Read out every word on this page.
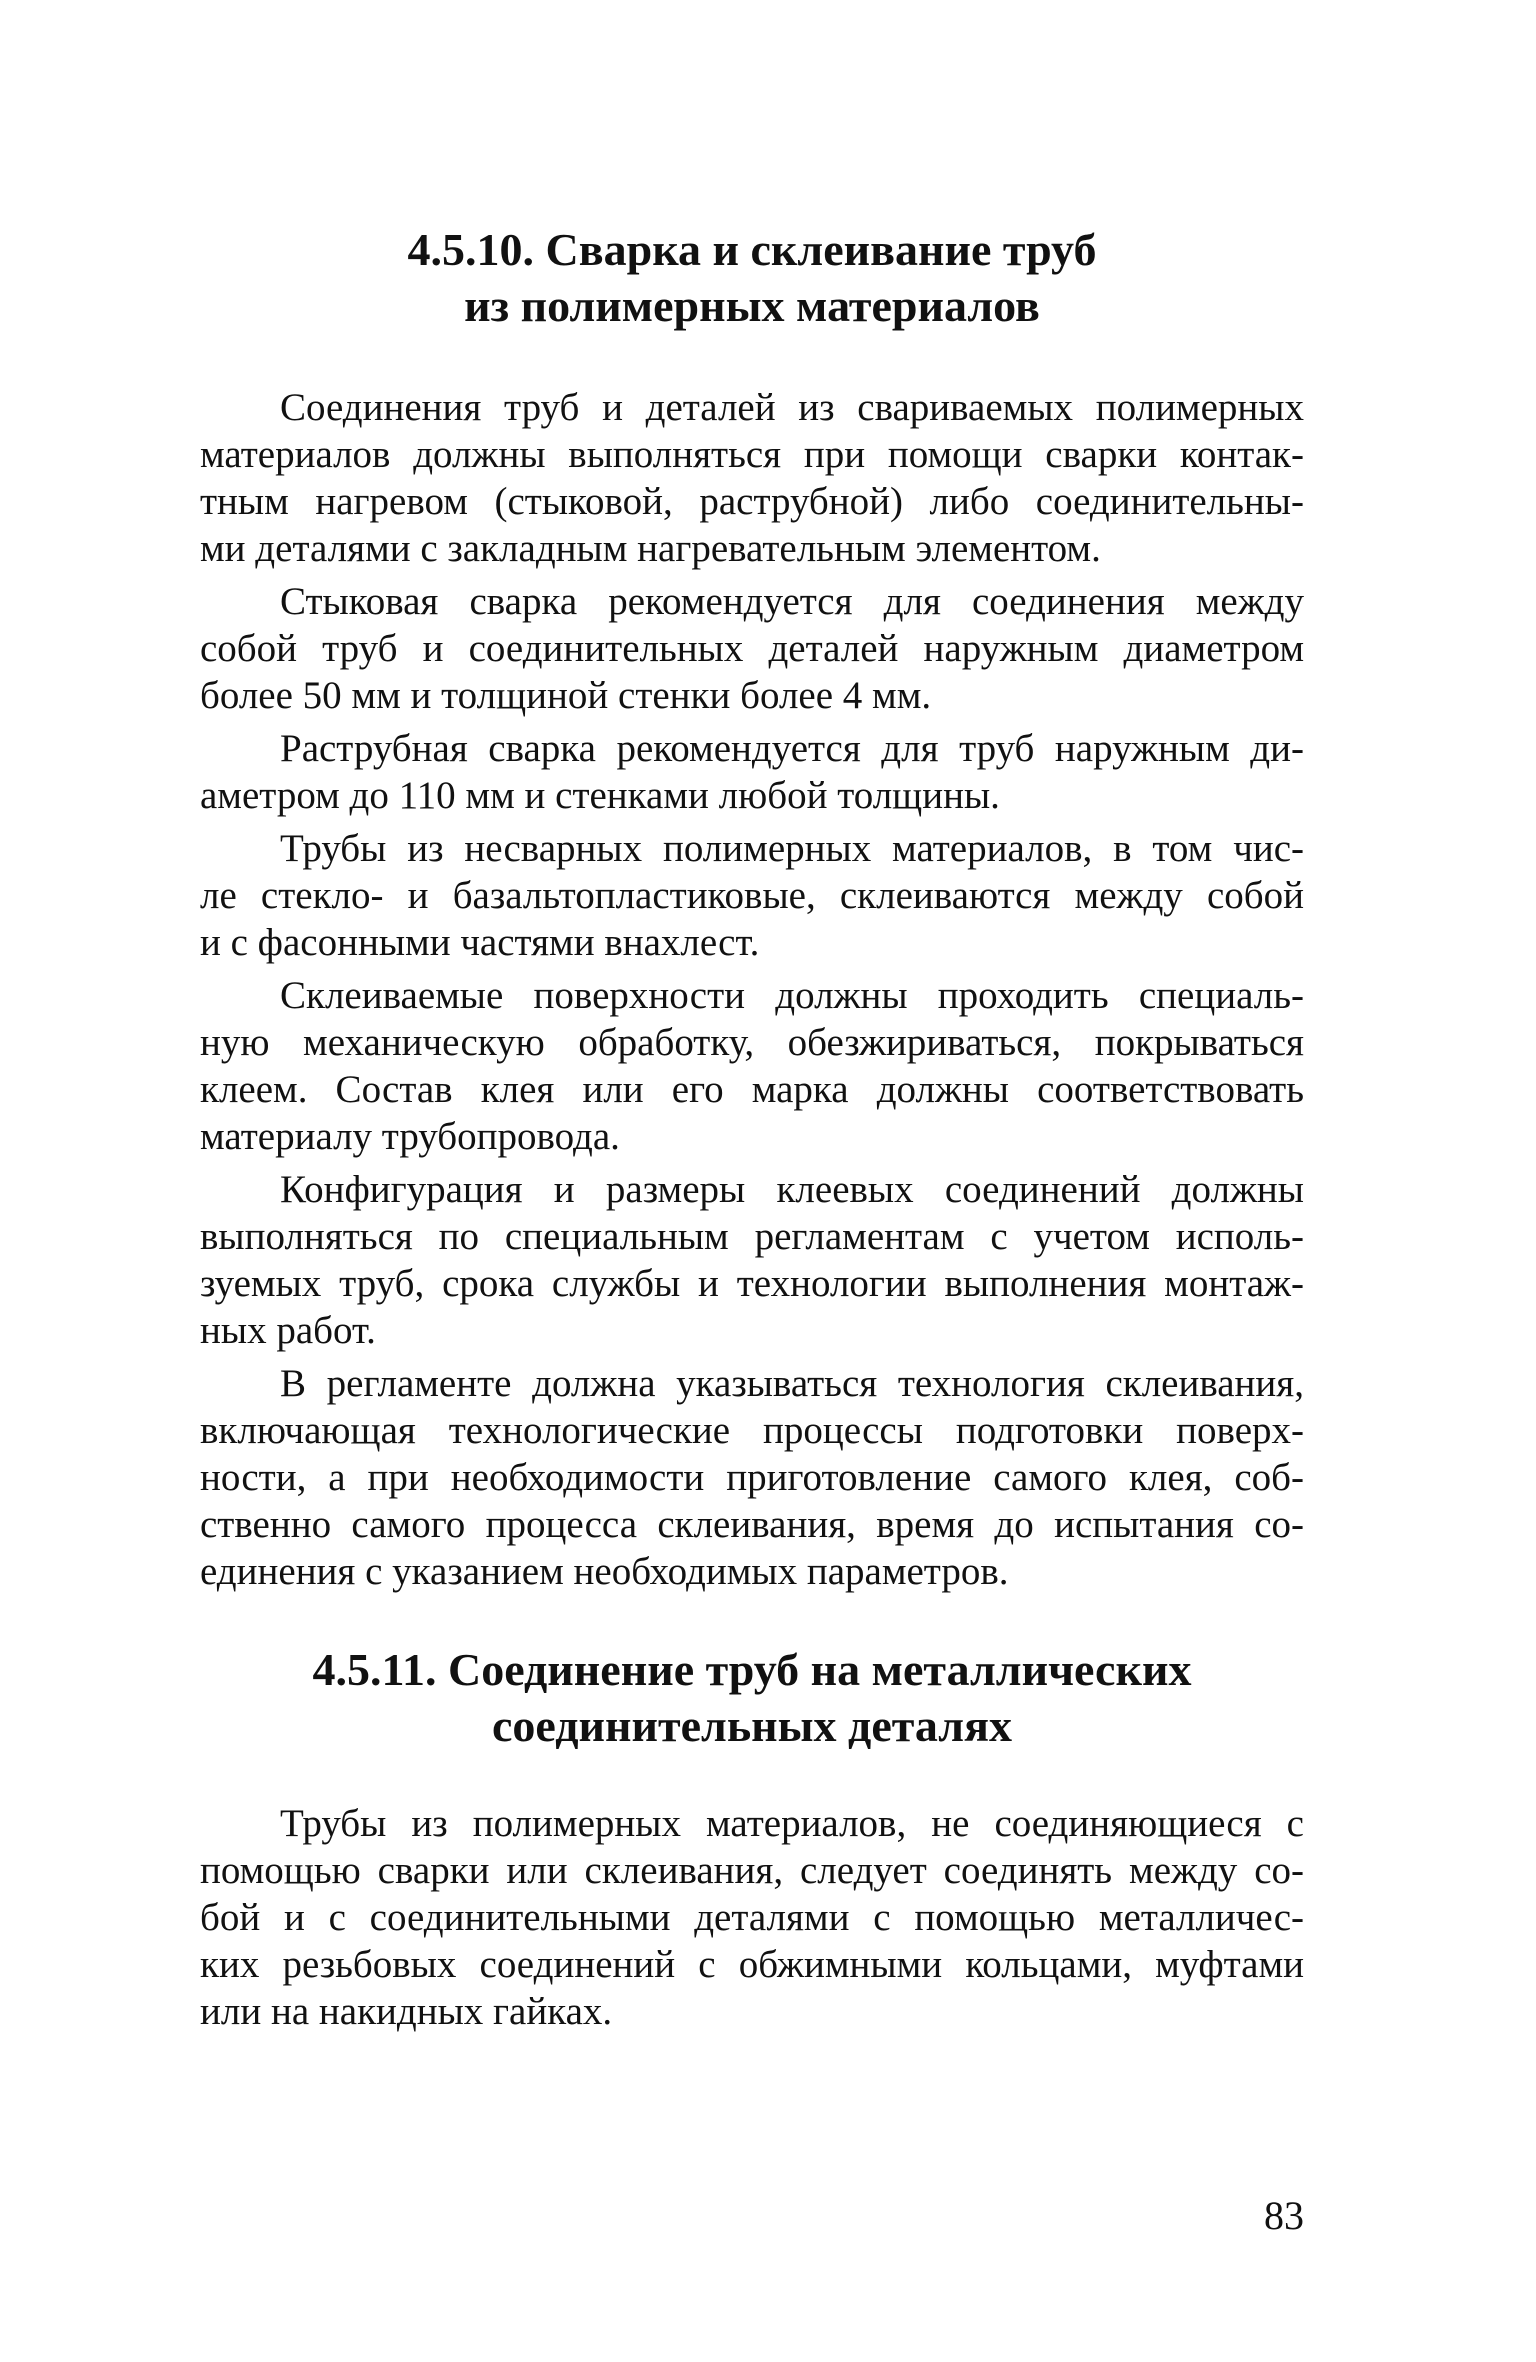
4.5.10. Сварка и склеивание труб
из полимерных материалов

Соединения труб и деталей из свариваемых полимерных
материалов должны выполняться при помощи сварки контак-
тным нагревом (стыковой, раструбной) либо соединительны-
ми деталями с закладным нагревательным элементом.

Стыковая сварка рекомендуется для соединения между
собой труб и соединительных деталей наружным диаметром
более 50 мм и толщиной стенки более 4 мм.

Раструбная сварка рекомендуется для труб наружным ди-
аметром до 110 мм и стенками любой толщины.

Трубы из несварных полимерных материалов, в том чис-
ле стекло- и базальтопластиковые, склеиваются между собой
и с фасонными частями внахлест.

Склеиваемые поверхности должны проходить специаль-
ную механическую обработку, обезжириваться, покрываться
клеем. Состав клея или его марка должны соответствовать
материалу трубопровода.

Конфигурация и размеры клеевых соединений должны
выполняться по специальным регламентам с учетом исполь-
зуемых труб, срока службы и технологии выполнения монтаж-
ных работ.

В регламенте должна указываться технология склеивания,
включающая технологические процессы подготовки поверх-
ности, а при необходимости приготовление самого клея, соб-
ственно самого процесса склеивания, время до испытания со-
единения с указанием необходимых параметров.

4.5.11. Соединение труб на металлических
соединительных деталях

Трубы из полимерных материалов, не соединяющиеся с
помощью сварки или склеивания, следует соединять между со-
бой и с соединительными деталями с помощью металличес-
ких резьбовых соединений с обжимными кольцами, муфтами
или на накидных гайках.

83
